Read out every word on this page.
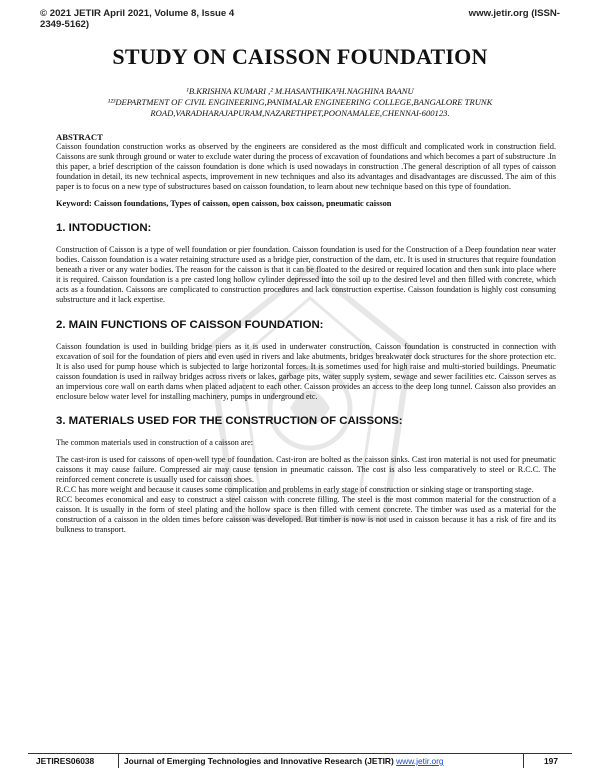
© 2021 JETIR April 2021, Volume 8, Issue 4	www.jetir.org (ISSN-
2349-5162)
STUDY ON CAISSON FOUNDATION
¹B.KRISHNA KUMARI ,² M.HASANTHIKA³H.NAGHINA BAANU
¹²³DEPARTMENT OF CIVIL ENGINEERING,PANIMALAR ENGINEERING COLLEGE,BANGALORE TRUNK
ROAD,VARADHARAJAPURAM,NAZARETHPET,POONAMALEE,CHENNAI-600123.

ABSTRACT

Caisson foundation construction works as observed by the engineers are considered as the most difficult and complicated work in construction field. Caissons are sunk through ground or water to exclude water during the process of excavation of foundations and which becomes a part of substructure .In this paper, a brief description of the caisson foundation is done which is used nowadays in construction .The general description of all types of caisson foundation in detail, its new technical aspects, improvement in new techniques and also its advantages and disadvantages are discussed. The aim of this paper is to focus on a new type of substructures based on caisson foundation, to learn about new technique based on this type of foundation.

Keyword: Caisson foundations, Types of caisson, open caisson, box caisson, pneumatic caisson

1. INTODUCTION:

Construction of Caisson is a type of well foundation or pier foundation. Caisson foundation is used for the Construction of a Deep foundation near water bodies. Caisson foundation is a water retaining structure used as a bridge pier, construction of the dam, etc. It is used in structures that require foundation beneath a river or any water bodies. The reason for the caisson is that it can be floated to the desired or required location and then sunk into place where it is required. Caisson foundation is a pre casted long hollow cylinder depressed into the soil up to the desired level and then filled with concrete, which acts as a foundation. Caissons are complicated to construction procedures and lack construction expertise. Caisson foundation is highly cost consuming substructure and it lack expertise.

2. MAIN FUNCTIONS OF CAISSON FOUNDATION:

Caisson foundation is used in building bridge piers as it is used in underwater construction. Caisson foundation is constructed in connection with excavation of soil for the foundation of piers and even used in rivers and lake abutments, bridges breakwater dock structures for the shore protection etc. It is also used for pump house which is subjected to large horizontal forces. It is sometimes used for high raise and multi-storied buildings. Pneumatic caisson foundation is used in railway bridges across rivers or lakes, garbage pits, water supply system, sewage and sewer facilities etc. Caisson serves as an impervious core wall on earth dams when placed adjacent to each other. Caisson provides an access to the deep long tunnel. Caisson also provides an enclosure below water level for installing machinery, pumps in underground etc.

3. MATERIALS USED FOR THE CONSTRUCTION OF CAISSONS:

The common materials used in construction of a caisson are:

The cast-iron is used for caissons of open-well type of foundation. Cast-iron are bolted as the caisson sinks. Cast iron material is not used for pneumatic caissons it may cause failure. Compressed air may cause tension in pneumatic caisson. The cost is also less comparatively to steel or R.C.C. The reinforced cement concrete is usually used for caisson shoes.

R.C.C has more weight and because it causes some complication and problems in early stage of construction or sinking stage or transporting stage.

RCC becomes economical and easy to construct a steel caisson with concrete filling. The steel is the most common material for the construction of a caisson. It is usually in the form of steel plating and the hollow space is then filled with cement concrete. The timber was used as a material for the construction of a caisson in the olden times before caisson was developed. But timber is now is not used in caisson because it has a risk of fire and its bulkness to transport.

JETIRES06038	Journal of Emerging Technologies and Innovative Research (JETIR) www.jetir.org	197
